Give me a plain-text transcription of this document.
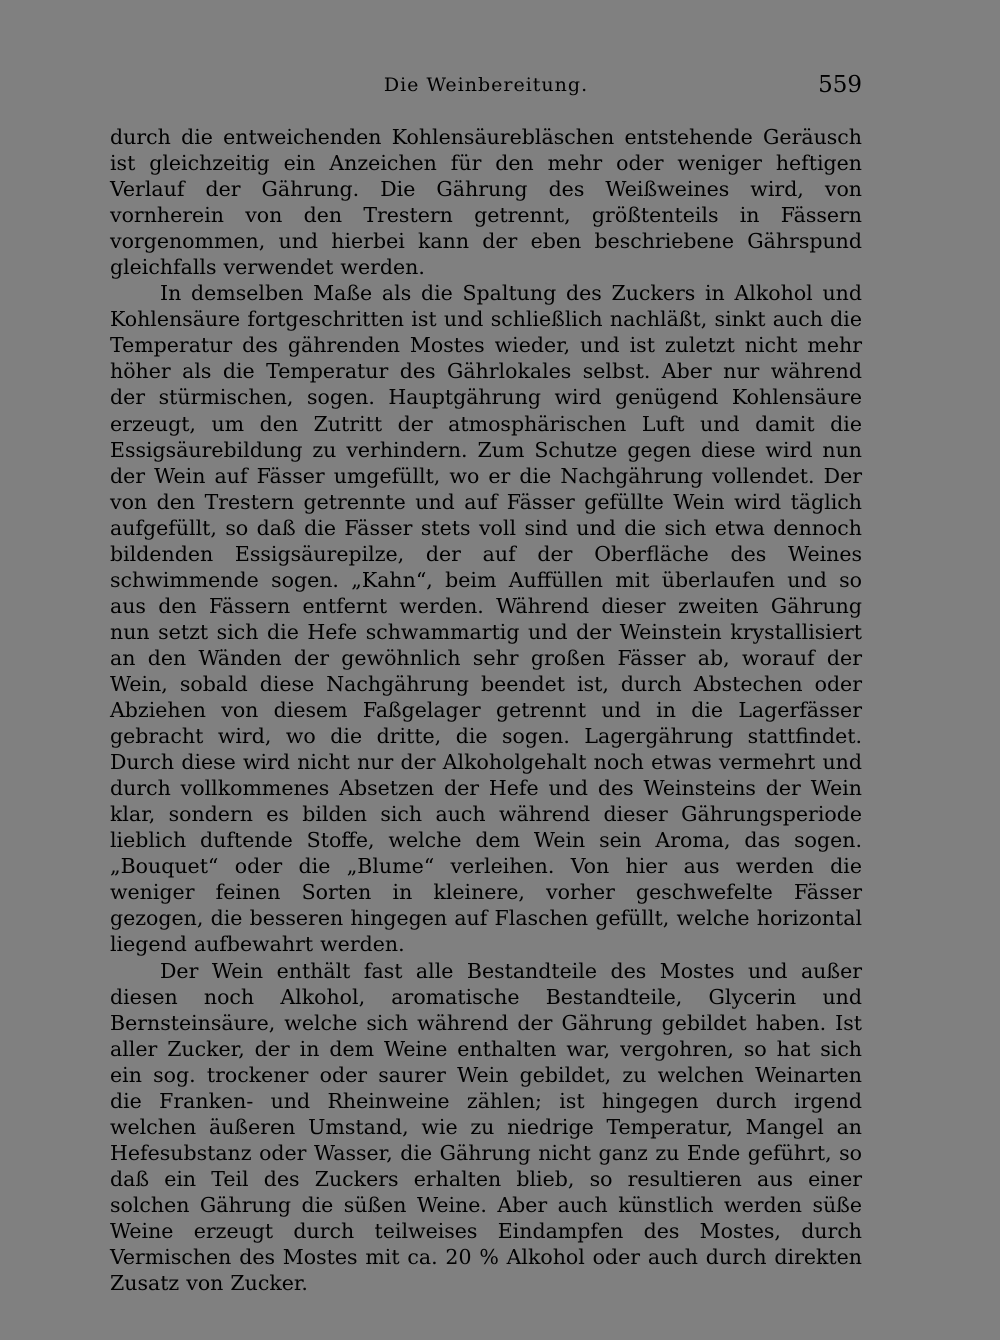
Die Weinbereitung.	559

durch die entweichenden Kohlensäurebläschen entstehende Geräusch ist gleichzeitig ein Anzeichen für den mehr oder weniger heftigen Verlauf der Gährung. Die Gährung des Weißweines wird, von vornherein von den Trestern getrennt, größtenteils in Fässern vorgenommen, und hierbei kann der eben beschriebene Gährspund gleichfalls verwendet werden.

In demselben Maße als die Spaltung des Zuckers in Alkohol und Kohlensäure fortgeschritten ist und schließlich nachläßt, sinkt auch die Temperatur des gährenden Mostes wieder, und ist zuletzt nicht mehr höher als die Temperatur des Gährlokales selbst. Aber nur während der stürmischen, sogen. Hauptgährung wird genügend Kohlensäure erzeugt, um den Zutritt der atmosphärischen Luft und damit die Essigsäurebildung zu verhindern. Zum Schutze gegen diese wird nun der Wein auf Fässer umgefüllt, wo er die Nachgährung vollendet. Der von den Trestern getrennte und auf Fässer gefüllte Wein wird täglich aufgefüllt, so daß die Fässer stets voll sind und die sich etwa dennoch bildenden Essigsäurepilze, der auf der Oberfläche des Weines schwimmende sogen. „Kahn“, beim Auffüllen mit überlaufen und so aus den Fässern entfernt werden. Während dieser zweiten Gährung nun setzt sich die Hefe schwammartig und der Weinstein krystallisiert an den Wänden der gewöhnlich sehr großen Fässer ab, worauf der Wein, sobald diese Nachgährung beendet ist, durch Abstechen oder Abziehen von diesem Faßgelager getrennt und in die Lagerfässer gebracht wird, wo die dritte, die sogen. Lagergährung stattfindet. Durch diese wird nicht nur der Alkoholgehalt noch etwas vermehrt und durch vollkommenes Absetzen der Hefe und des Weinsteins der Wein klar, sondern es bilden sich auch während dieser Gährungsperiode lieblich duftende Stoffe, welche dem Wein sein Aroma, das sogen. „Bouquet“ oder die „Blume“ verleihen. Von hier aus werden die weniger feinen Sorten in kleinere, vorher geschwefelte Fässer gezogen, die besseren hingegen auf Flaschen gefüllt, welche horizontal liegend aufbewahrt werden.

Der Wein enthält fast alle Bestandteile des Mostes und außer diesen noch Alkohol, aromatische Bestandteile, Glycerin und Bernsteinsäure, welche sich während der Gährung gebildet haben. Ist aller Zucker, der in dem Weine enthalten war, vergohren, so hat sich ein sog. trockener oder saurer Wein gebildet, zu welchen Weinarten die Franken- und Rheinweine zählen; ist hingegen durch irgend welchen äußeren Umstand, wie zu niedrige Temperatur, Mangel an Hefesubstanz oder Wasser, die Gährung nicht ganz zu Ende geführt, so daß ein Teil des Zuckers erhalten blieb, so resultieren aus einer solchen Gährung die süßen Weine. Aber auch künstlich werden süße Weine erzeugt durch teilweises Eindampfen des Mostes, durch Vermischen des Mostes mit ca. 20 % Alkohol oder auch durch direkten Zusatz von Zucker.
